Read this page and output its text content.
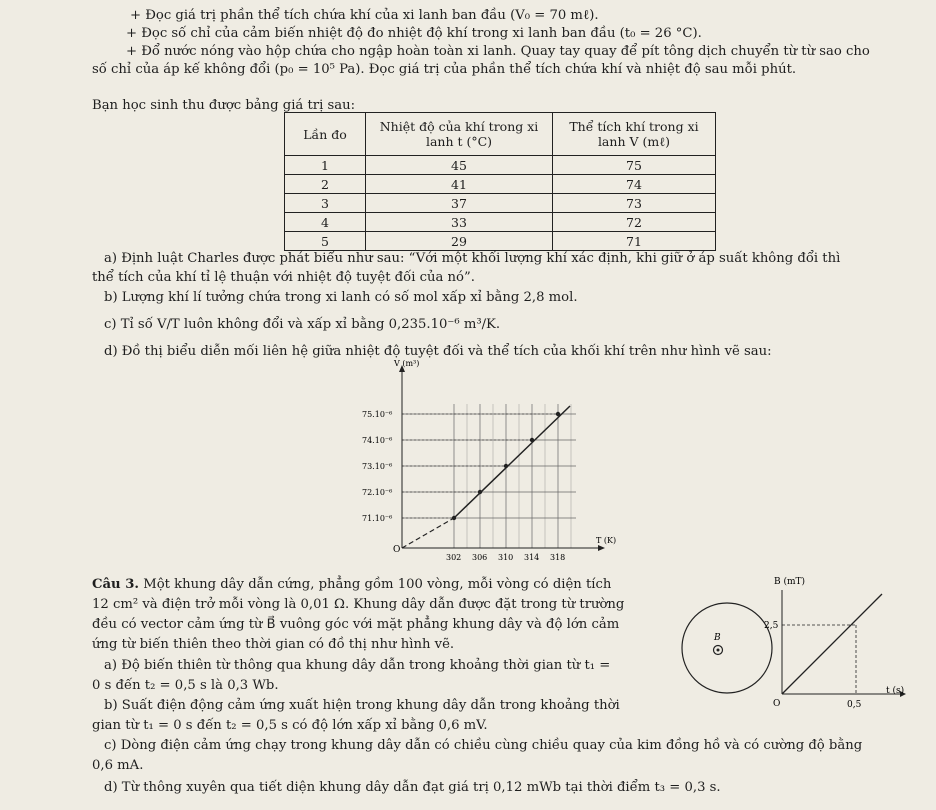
+ Đọc giá trị phần thể tích chứa khí của xi lanh ban đầu (V₀ = 70 mℓ).
+ Đọc số chỉ của cảm biến nhiệt độ đo nhiệt độ khí trong xi lanh ban đầu (t₀ = 26 °C).
+ Đổ nước nóng vào hộp chứa cho ngập hoàn toàn xi lanh. Quay tay quay để pít tông dịch chuyển từ từ sao cho
số chỉ của áp kế không đổi (p₀ = 10⁵ Pa). Đọc giá trị của phần thể tích chứa khí và nhiệt độ sau mỗi phút.
Bạn học sinh thu được bảng giá trị sau:
Lần đo	Nhiệt độ của khí trong xi lanh t (°C)	Thể tích khí trong xi lanh V (mℓ)
1	45	75
2	41	74
3	37	73
4	33	72
5	29	71
a) Định luật Charles được phát biểu như sau: “Với một khối lượng khí xác định, khi giữ ở áp suất không đổi thì
thể tích của khí tỉ lệ thuận với nhiệt độ tuyệt đối của nó”.
b) Lượng khí lí tưởng chứa trong xi lanh có số mol xấp xỉ bằng 2,8 mol.
c) Tỉ số V/T luôn không đổi và xấp xỉ bằng 0,235.10⁻⁶ m³/K.
d) Đồ thị biểu diễn mối liên hệ giữa nhiệt độ tuyệt đối và thể tích của khối khí trên như hình vẽ sau:
302 306 310 314 318
71.10⁻⁶
72.10⁻⁶
73.10⁻⁶
74.10⁻⁶
75.10⁻⁶
V (m³)
T (K)
O
Câu 3. Một khung dây dẫn cứng, phẳng gồm 100 vòng, mỗi vòng có diện tích
12 cm² và điện trở mỗi vòng là 0,01 Ω. Khung dây dẫn được đặt trong từ trường
đều có vector cảm ứng từ B⃗ vuông góc với mặt phẳng khung dây và độ lớn cảm
ứng từ biến thiên theo thời gian có đồ thị như hình vẽ.
a) Độ biến thiên từ thông qua khung dây dẫn trong khoảng thời gian từ t₁ =
0 s đến t₂ = 0,5 s là 0,3 Wb.
b) Suất điện động cảm ứng xuất hiện trong khung dây dẫn trong khoảng thời
gian từ t₁ = 0 s đến t₂ = 0,5 s có độ lớn xấp xỉ bằng 0,6 mV.
c) Dòng điện cảm ứng chạy trong khung dây dẫn có chiều cùng chiều quay của kim đồng hồ và có cường độ bằng
0,6 mA.
d) Từ thông xuyên qua tiết diện khung dây dẫn đạt giá trị 0,12 mWb tại thời điểm t₃ = 0,3 s.
B
B (mT)
t (s)
2,5
0,5
O
